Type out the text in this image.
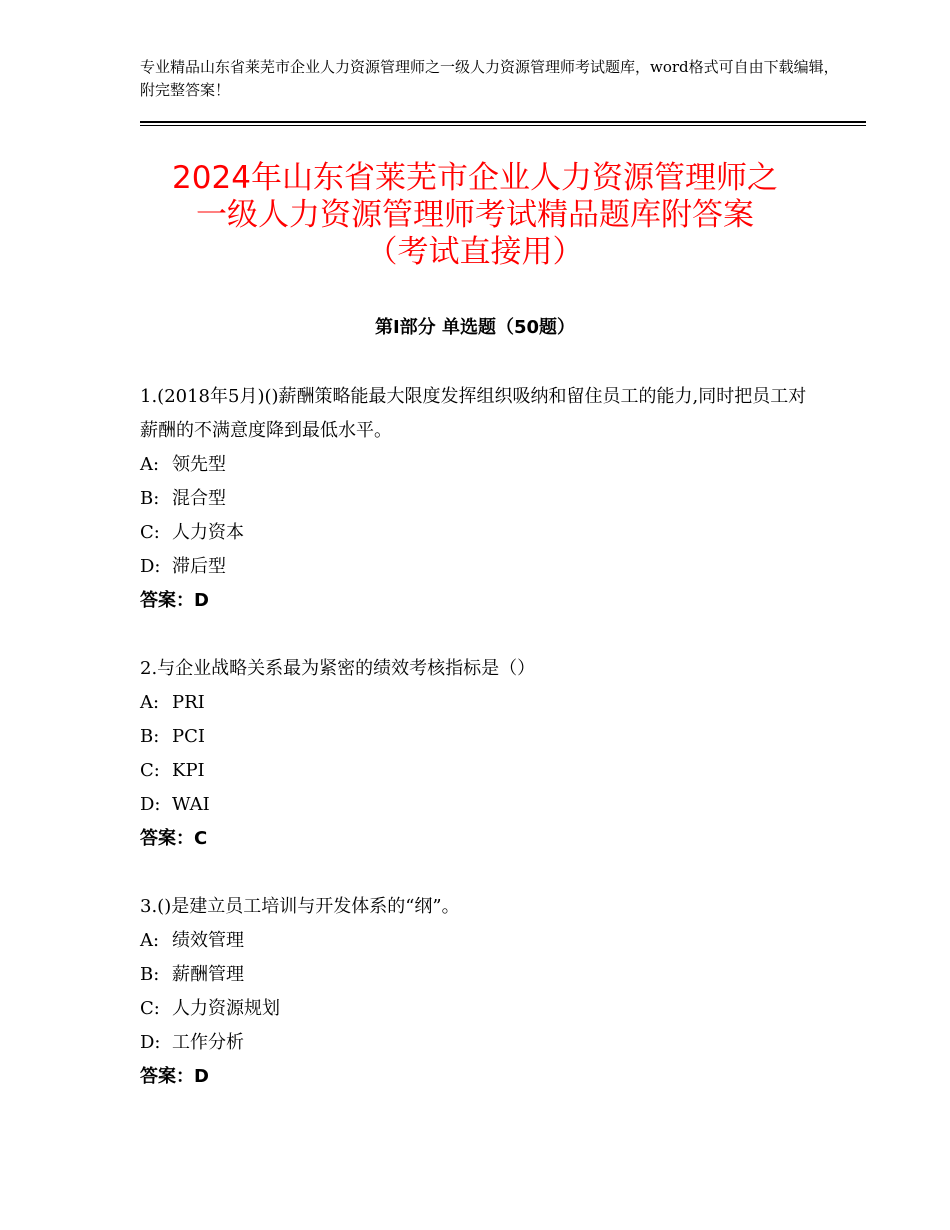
专业精品山东省莱芜市企业人力资源管理师之一级人力资源管理师考试题库，word格式可自由下载编辑，附完整答案！
2024年山东省莱芜市企业人力资源管理师之
一级人力资源管理师考试精品题库附答案
（考试直接用）
第Ⅰ部分 单选题（50题）

1.(2018年5月)()薪酬策略能最大限度发挥组织吸纳和留住员工的能力,同时把员工对薪酬的不满意度降到最低水平。

A: 领先型

B: 混合型

C: 人力资本

D: 滞后型

答案：D

2.与企业战略关系最为紧密的绩效考核指标是（）

A: PRI

B: PCI

C: KPI

D: WAI

答案：C

3.()是建立员工培训与开发体系的“纲”。

A: 绩效管理

B: 薪酬管理

C: 人力资源规划

D: 工作分析

答案：D
